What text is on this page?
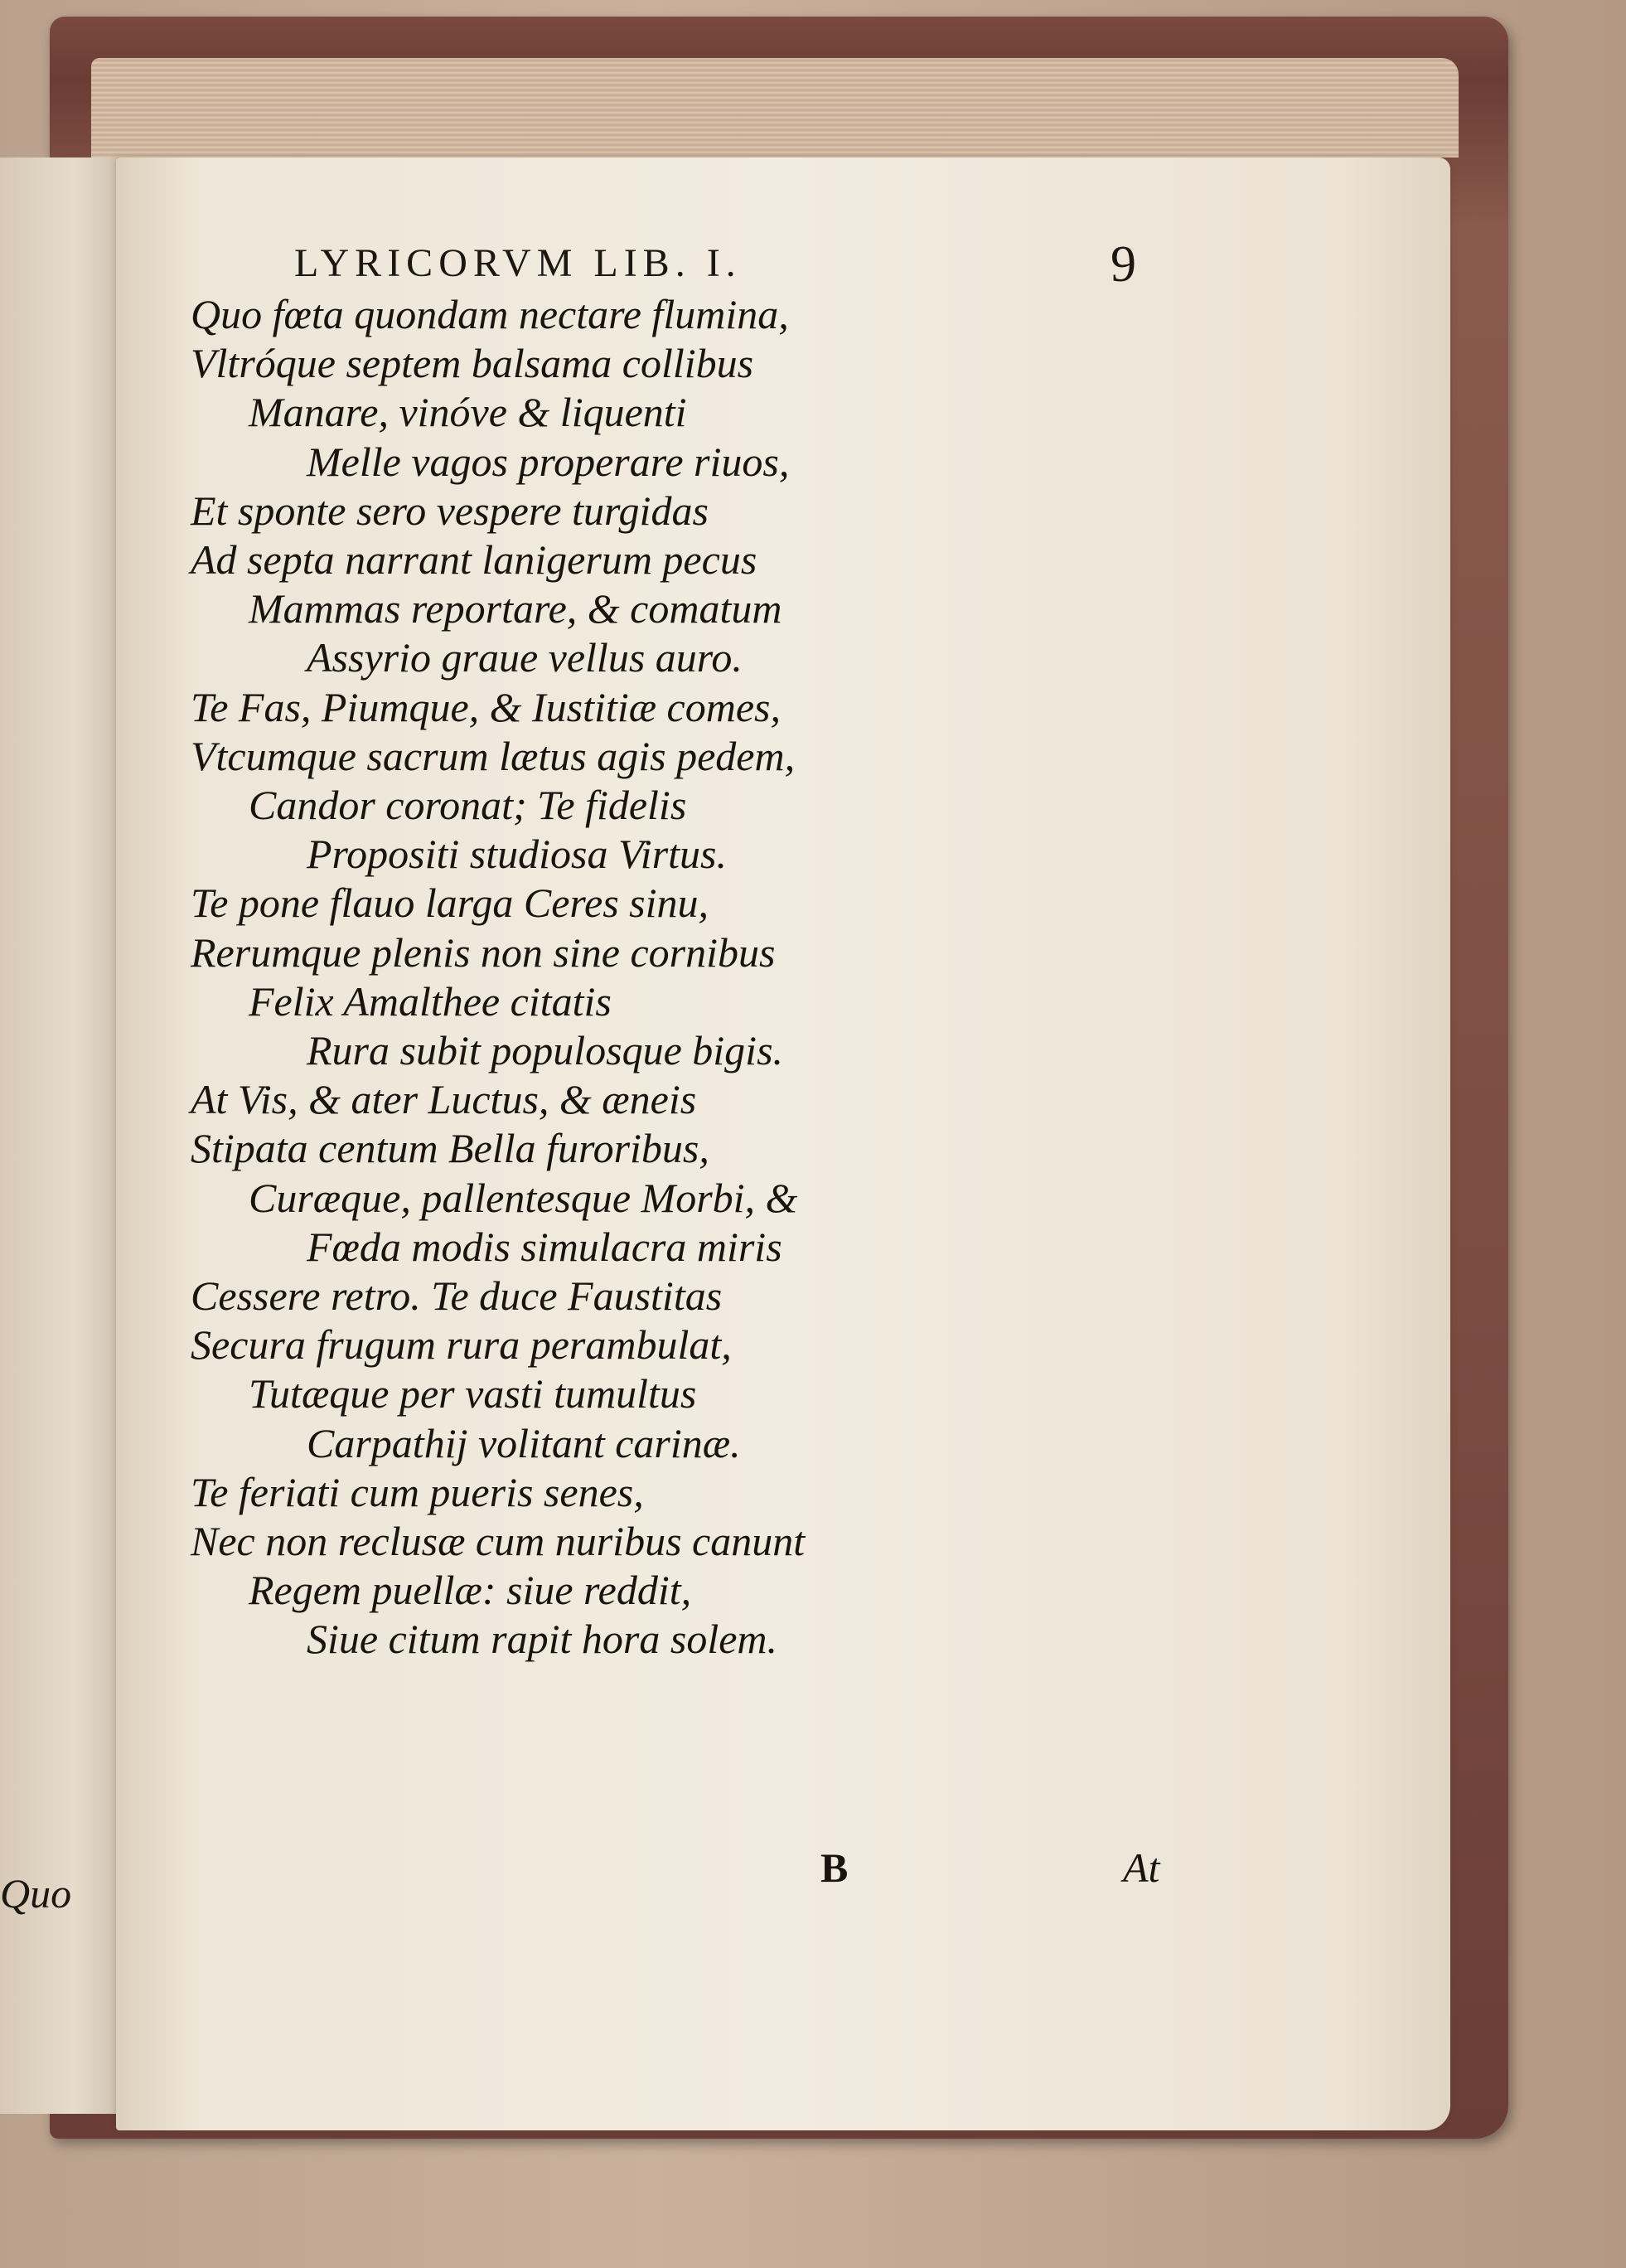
Quo
LYRICORVM LIB. I.	9
Quo fœta quondam nectare flumina,
Vltróque septem balsama collibus
Manare, vinóve & liquenti
Melle vagos properare riuos,
Et sponte sero vespere turgidas
Ad septa narrant lanigerum pecus
Mammas reportare, & comatum
Assyrio graue vellus auro.
Te Fas, Piumque, & Iustitiæ comes,
Vtcumque sacrum lætus agis pedem,
Candor coronat; Te fidelis
Propositi studiosa Virtus.
Te pone flauo larga Ceres sinu,
Rerumque plenis non sine cornibus
Felix Amalthee citatis
Rura subit populosque bigis.
At Vis, & ater Luctus, & æneis
Stipata centum Bella furoribus,
Curæque, pallentesque Morbi, &
Fœda modis simulacra miris
Cessere retro. Te duce Faustitas
Secura frugum rura perambulat,
Tutæque per vasti tumultus
Carpathij volitant carinæ.
Te feriati cum pueris senes,
Nec non reclusæ cum nuribus canunt
Regem puellæ: siue reddit,
Siue citum rapit hora solem.
B	At
